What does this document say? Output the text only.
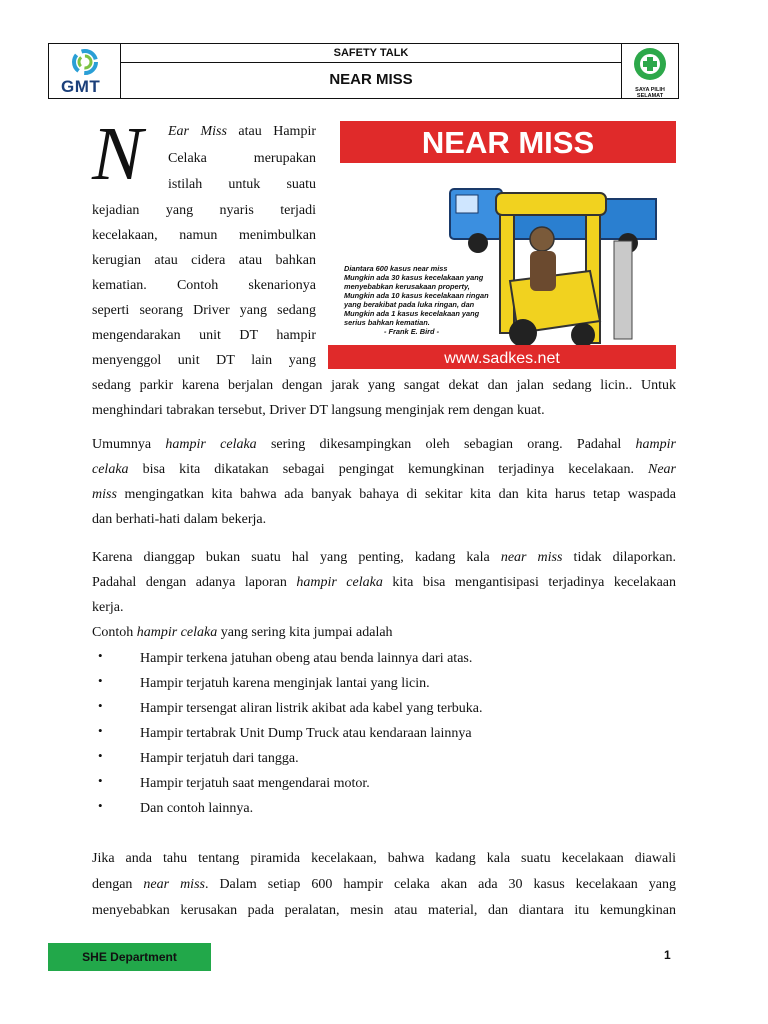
GMT
SAFETY TALK
NEAR MISS
SAYA PILIH SELAMAT
N Ear Miss atau Hampir
Celaka merupakan
istilah untuk suatu
kejadian yang nyaris terjadi
kecelakaan, namun menimbulkan
kerugian atau cidera atau bahkan
kematian. Contoh skenarionya
seperti seorang Driver yang sedang
mengendarakan unit DT hampir
menyenggol unit DT lain yang
sedang parkir karena berjalan dengan jarak yang sangat dekat dan jalan sedang licin.. Untuk
menghindari tabrakan tersebut, Driver DT langsung menginjak rem dengan kuat.
NEAR MISS
Diantara 600 kasus near miss
Mungkin ada 30 kasus kecelakaan yang
menyebabkan kerusakaan property,
Mungkin ada 10 kasus kecelakaan ringan
yang berakibat pada luka ringan, dan
Mungkin ada 1 kasus kecelakaan yang
serius bahkan kematian.
- Frank E. Bird -
www.sadkes.net
Umumnya hampir celaka sering dikesampingkan oleh sebagian orang. Padahal hampir
celaka bisa kita dikatakan sebagai pengingat kemungkinan terjadinya kecelakaan. Near
miss mengingatkan kita bahwa ada banyak bahaya di sekitar kita dan kita harus tetap waspada
dan berhati-hati dalam bekerja.
Karena dianggap bukan suatu hal yang penting, kadang kala near miss tidak dilaporkan.
Padahal dengan adanya laporan hampir celaka kita bisa mengantisipasi terjadinya kecelakaan
kerja.
Contoh hampir celaka yang sering kita jumpai adalah
•	Hampir terkena jatuhan obeng atau benda lainnya dari atas.
•	Hampir terjatuh karena menginjak lantai yang licin.
•	Hampir tersengat aliran listrik akibat ada kabel yang terbuka.
•	Hampir tertabrak Unit Dump Truck atau kendaraan lainnya
•	Hampir terjatuh dari tangga.
•	Hampir terjatuh saat mengendarai motor.
•	Dan contoh lainnya.
Jika anda tahu tentang piramida kecelakaan, bahwa kadang kala suatu kecelakaan diawali
dengan near miss. Dalam setiap 600 hampir celaka akan ada 30 kasus kecelakaan yang
menyebabkan kerusakan pada peralatan, mesin atau material, dan diantara itu kemungkinan
SHE Department	1
